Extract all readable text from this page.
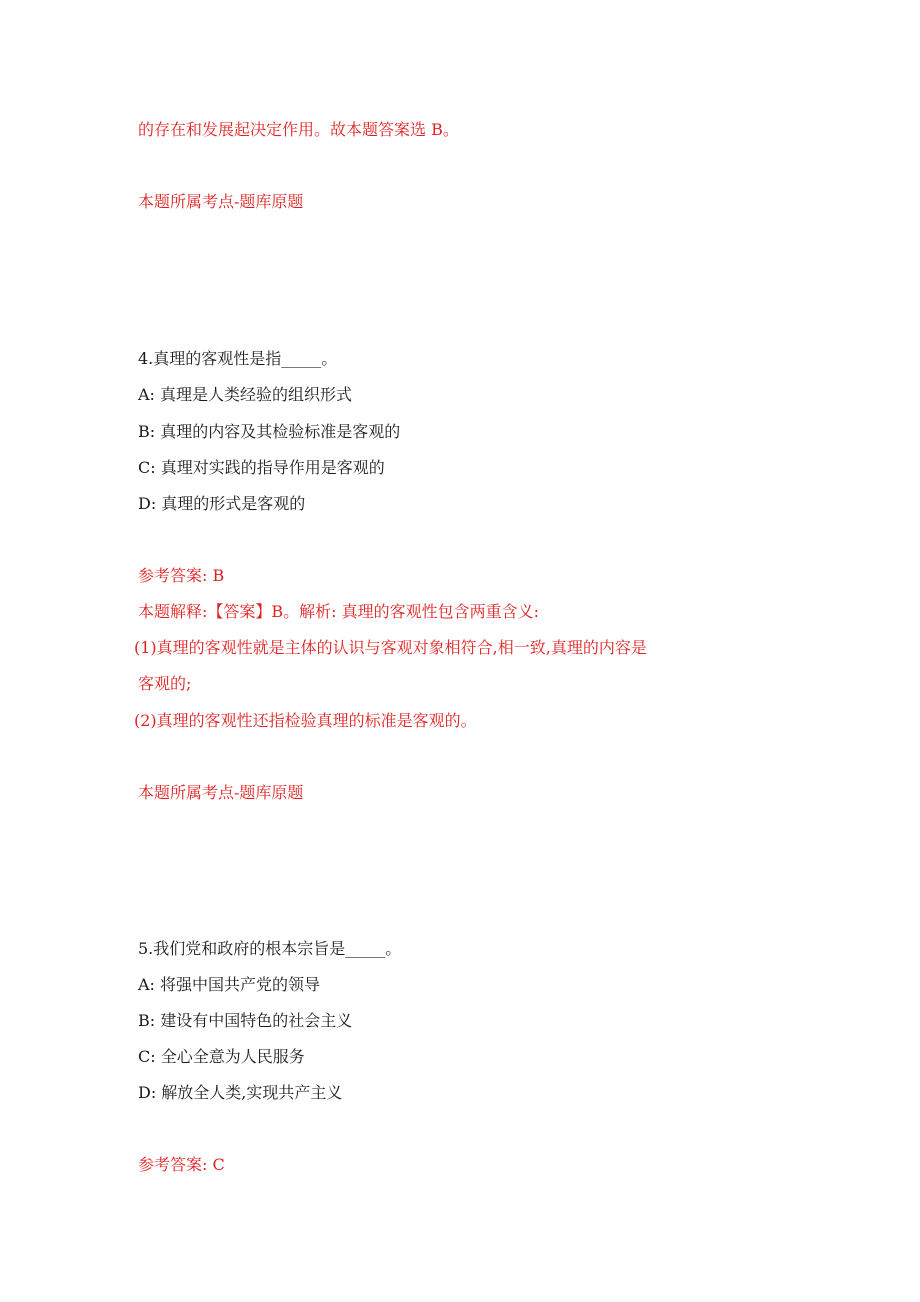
的存在和发展起决定作用。故本题答案选 B。
本题所属考点-题库原题
4.真理的客观性是指_____。
A: 真理是人类经验的组织形式
B: 真理的内容及其检验标准是客观的
C: 真理对实践的指导作用是客观的
D: 真理的形式是客观的
参考答案: B
本题解释:【答案】B。解析: 真理的客观性包含两重含义:
(1)真理的客观性就是主体的认识与客观对象相符合,相一致,真理的内容是
客观的;
(2)真理的客观性还指检验真理的标准是客观的。
本题所属考点-题库原题
5.我们党和政府的根本宗旨是_____。
A: 将强中国共产党的领导
B: 建设有中国特色的社会主义
C: 全心全意为人民服务
D: 解放全人类,实现共产主义
参考答案: C
